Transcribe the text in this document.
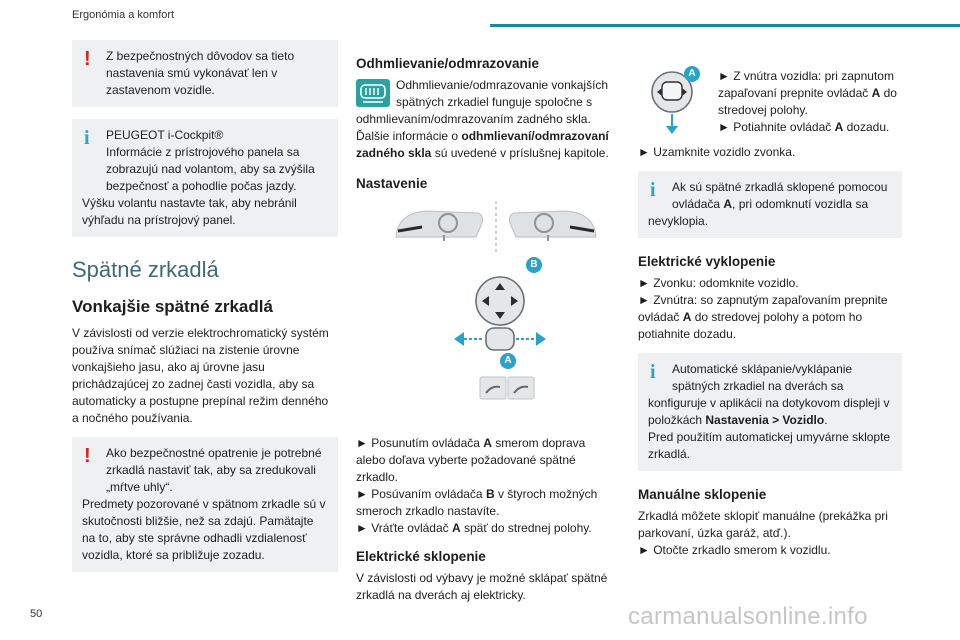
Ergonómia a komfort
!	Z bezpečnostných dôvodov sa tieto

nastavenia smú vykonávať len v zastavenom vozidle.

i	PEUGEOT i-Cockpit®

Informácie z prístrojového panela sa zobrazujú nad volantom, aby sa zvýšila bezpečnosť a pohodlie počas jazdy.

Výšku volantu nastavte tak, aby nebránil výhľadu na prístrojový panel.

Spätné zrkadlá
Vonkajšie spätné zrkadlá

V závislosti od verzie elektrochromatický systém používa snímač slúžiaci na zistenie úrovne vonkajšieho jasu, ako aj úrovne jasu prichádzajúcej zo zadnej časti vozidla, aby sa automaticky a postupne prepínal režim denného a nočného používania.

!	Ako bezpečnostné opatrenie je potrebné

zrkadlá nastaviť tak, aby sa zredukovali „mŕtve uhly“.

Predmety pozorované v spätnom zrkadle sú v skutočnosti bližšie, než sa zdajú. Pamätajte na to, aby ste správne odhadli vzdialenosť vozidla, ktoré sa približuje zozadu.

Odhmlievanie/odmrazovanie
Odhmlievanie/odmrazovanie vonkajších spätných zrkadiel funguje spoločne s odhmlievaním/odmrazovaním zadného skla. Ďalšie informácie o odhmlievaní/odmrazovaní zadného skla sú uvedené v príslušnej kapitole.
Nastavenie
B
A

► Posunutím ovládača A smerom doprava alebo doľava vyberte požadované spätné zrkadlo.

► Posúvaním ovládača B v štyroch možných smeroch zrkadlo nastavíte.

► Vráťte ovládač A späť do strednej polohy.

Elektrické sklopenie

V závislosti od výbavy je možné sklápať spätné zrkadlá na dverách aj elektricky.

A	► Z vnútra vozidla: pri zapnutom zapaľovaní prepnite ovládač A do stredovej polohy.

► Potiahnite ovládač A dozadu.

► Uzamknite vozidlo zvonka.

i	Ak sú spätné zrkadlá sklopené pomocou

ovládača A, pri odomknutí vozidla sa nevyklopia.

Elektrické vyklopenie

► Zvonku: odomknite vozidlo.

► Zvnútra: so zapnutým zapaľovaním prepnite ovládač A do stredovej polohy a potom ho potiahnite dozadu.

i	Automatické sklápanie/vyklápanie

spätných zrkadiel na dverách sa konfiguruje v aplikácii na dotykovom displeji v položkách Nastavenia > Vozidlo.

Pred použitím automatickej umyvárne sklopte zrkadlá.

Manuálne sklopenie

Zrkadlá môžete sklopiť manuálne (prekážka pri parkovaní, úzka garáž, atď.).

► Otočte zrkadlo smerom k vozidlu.

50	carmanualsonline.info
